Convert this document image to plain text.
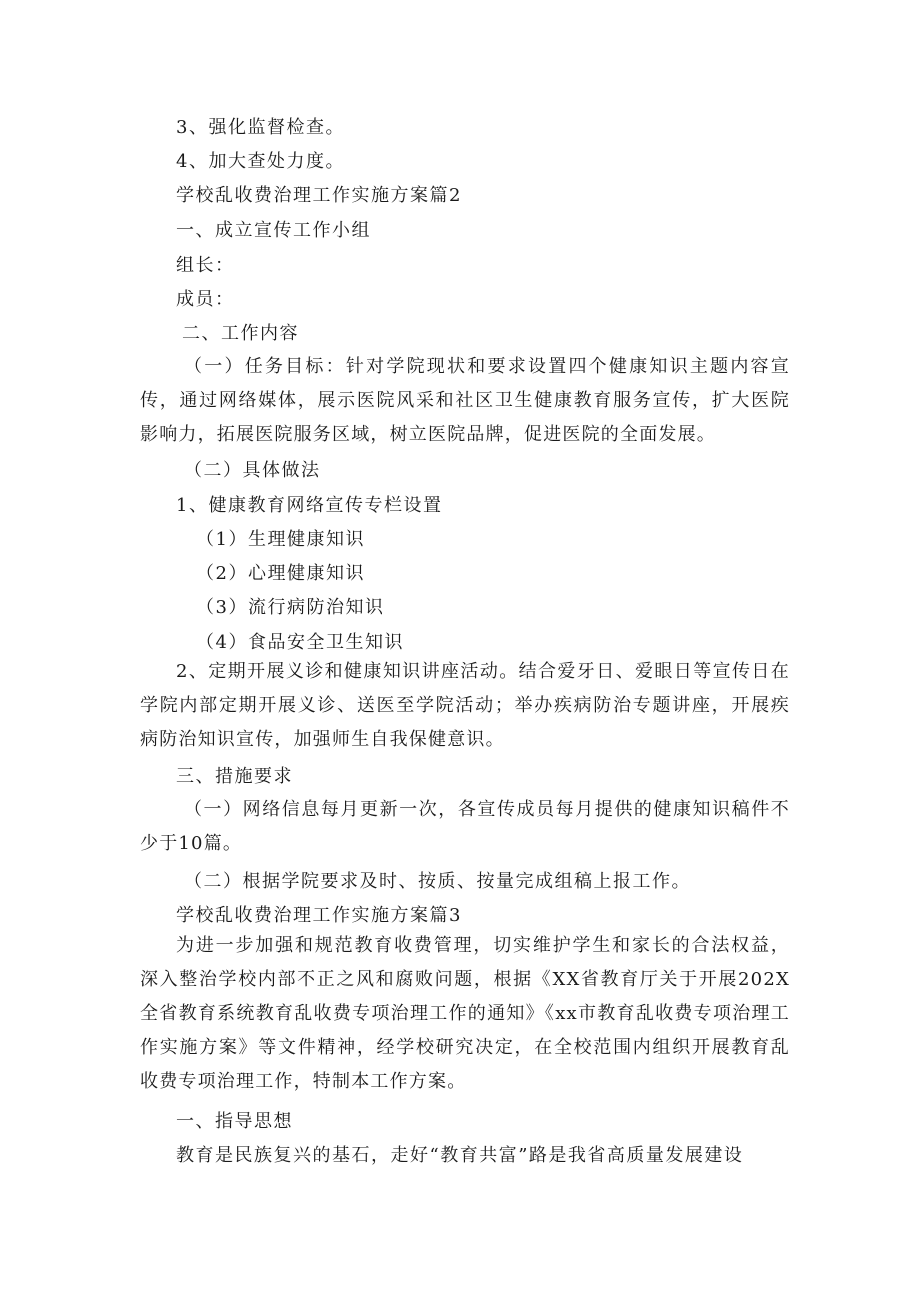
3、强化监督检查。

4、加大查处力度。

学校乱收费治理工作实施方案篇2

一、成立宣传工作小组

组长：

成员：

二、工作内容

（一）任务目标：针对学院现状和要求设置四个健康知识主题内容宣传，通过网络媒体，展示医院风采和社区卫生健康教育服务宣传，扩大医院影响力，拓展医院服务区域，树立医院品牌，促进医院的全面发展。

（二）具体做法

1、健康教育网络宣传专栏设置

（1）生理健康知识

（2）心理健康知识

（3）流行病防治知识

（4）食品安全卫生知识

2、定期开展义诊和健康知识讲座活动。结合爱牙日、爱眼日等宣传日在学院内部定期开展义诊、送医至学院活动；举办疾病防治专题讲座，开展疾病防治知识宣传，加强师生自我保健意识。

三、措施要求

（一）网络信息每月更新一次，各宣传成员每月提供的健康知识稿件不少于10篇。

（二）根据学院要求及时、按质、按量完成组稿上报工作。

学校乱收费治理工作实施方案篇3

为进一步加强和规范教育收费管理，切实维护学生和家长的合法权益，深入整治学校内部不正之风和腐败问题，根据《XX省教育厅关于开展202X全省教育系统教育乱收费专项治理工作的通知》《xx市教育乱收费专项治理工作实施方案》等文件精神，经学校研究决定，在全校范围内组织开展教育乱收费专项治理工作，特制本工作方案。

一、指导思想

教育是民族复兴的基石，走好“教育共富”路是我省高质量发展建设
